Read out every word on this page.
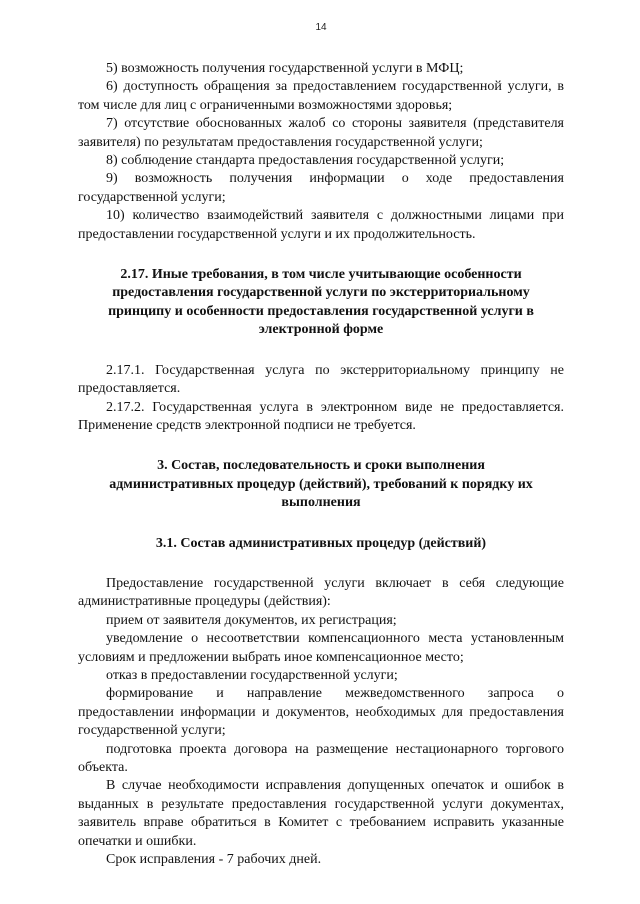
14

5) возможность получения государственной услуги в МФЦ;

6) доступность обращения за предоставлением государственной услуги, в том числе для лиц с ограниченными возможностями здоровья;

7) отсутствие обоснованных жалоб со стороны заявителя (представителя заявителя) по результатам предоставления государственной услуги;

8) соблюдение стандарта предоставления государственной услуги;

9) возможность получения информации о ходе предоставления государственной услуги;

10) количество взаимодействий заявителя с должностными лицами при предоставлении государственной услуги и их продолжительность.

2.17. Иные требования, в том числе учитывающие особенности предоставления государственной услуги по экстерриториальному принципу и особенности предоставления государственной услуги в электронной форме

2.17.1. Государственная услуга по экстерриториальному принципу не предоставляется.

2.17.2. Государственная услуга в электронном виде не предоставляется. Применение средств электронной подписи не требуется.

3. Состав, последовательность и сроки выполнения административных процедур (действий), требований к порядку их выполнения

3.1. Состав административных процедур (действий)

Предоставление государственной услуги включает в себя следующие административные процедуры (действия):

прием от заявителя документов, их регистрация;

уведомление о несоответствии компенсационного места установленным условиям и предложении выбрать иное компенсационное место;

отказ в предоставлении государственной услуги;

формирование и направление межведомственного запроса о предоставлении информации и документов, необходимых для предоставления государственной услуги;

подготовка проекта договора на размещение нестационарного торгового объекта.

В случае необходимости исправления допущенных опечаток и ошибок в выданных в результате предоставления государственной услуги документах, заявитель вправе обратиться в Комитет с требованием исправить указанные опечатки и ошибки.

Срок исправления - 7 рабочих дней.
